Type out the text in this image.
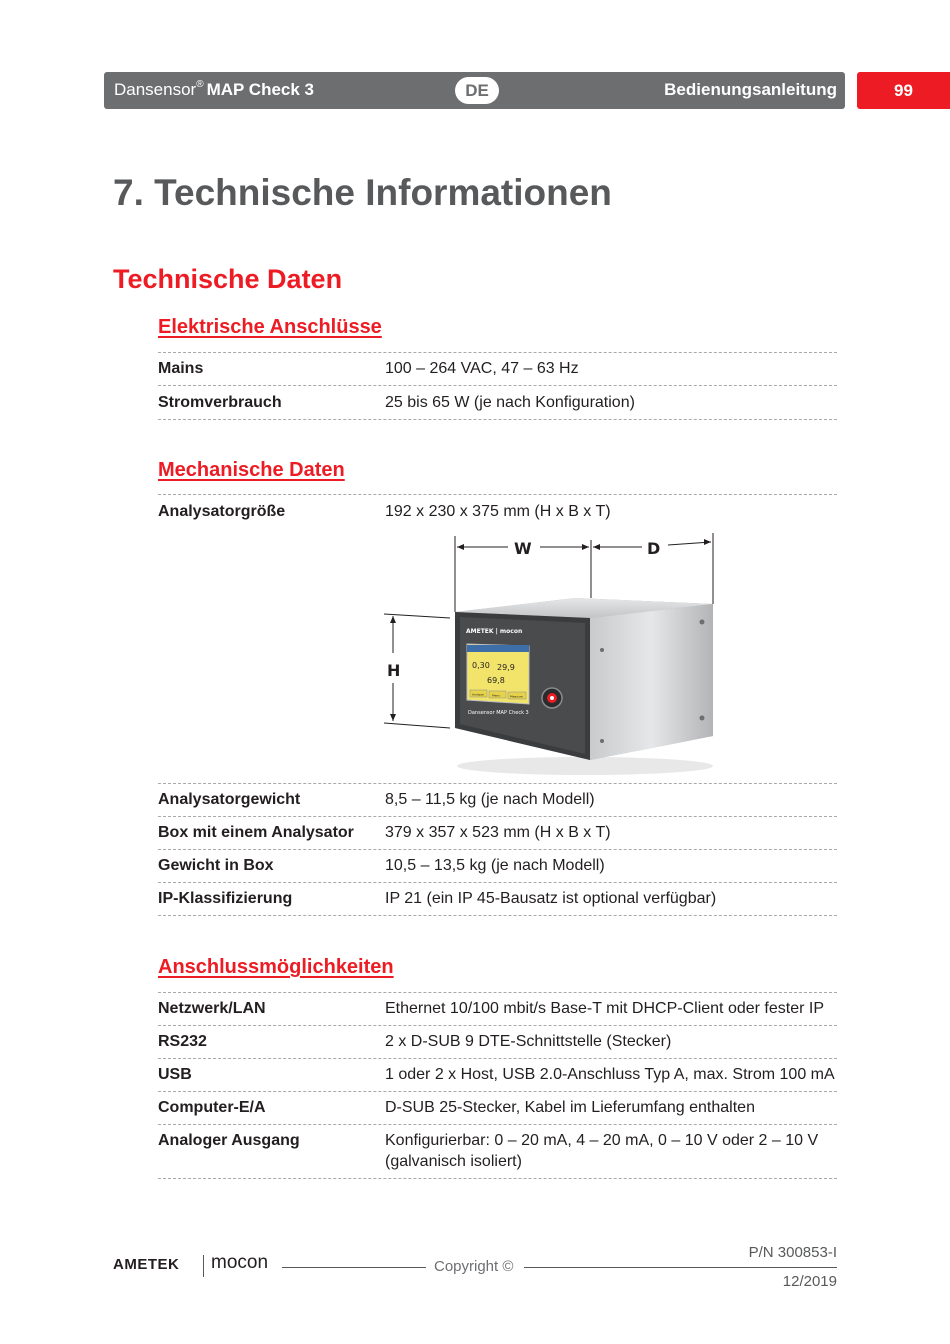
Dansensor® MAP Check 3	DE	Bedienungsanleitung	99
7. Technische Informationen
Technische Daten
Elektrische Anschlüsse
Mains	100 – 264 VAC, 47 – 63 Hz
Stromverbrauch	25 bis 65 W (je nach Konfiguration)
Mechanische Daten
Analysatorgröße	192 x 230 x 375 mm (H x B x T)
W	D
H
AMETEK | mocon
Dansensor MAP Check 3
0,30 29,9
69,8
Analyze	Menu	Measure
Analysatorgewicht	8,5 – 11,5 kg (je nach Modell)
Box mit einem Analysator 379 x 357 x 523 mm (H x B x T)
Gewicht in Box	10,5 – 13,5 kg (je nach Modell)
IP-Klassifizierung	IP 21 (ein IP 45-Bausatz ist optional verfügbar)
Anschlussmöglichkeiten
Netzwerk/LAN	Ethernet 10/100 mbit/s Base-T mit DHCP-Client oder fester IP
RS232	2 x D-SUB 9 DTE-Schnittstelle (Stecker)
USB	1 oder 2 x Host, USB 2.0-Anschluss Typ A, max. Strom 100 mA
Computer-E/A	D-SUB 25-Stecker, Kabel im Lieferumfang enthalten
Analoger Ausgang	Konfigurierbar: 0 – 20 mA, 4 – 20 mA, 0 – 10 V oder 2 – 10 V
(galvanisch isoliert)
AMETEK mocon	Copyright ©
P/N 300853-I
12/2019
